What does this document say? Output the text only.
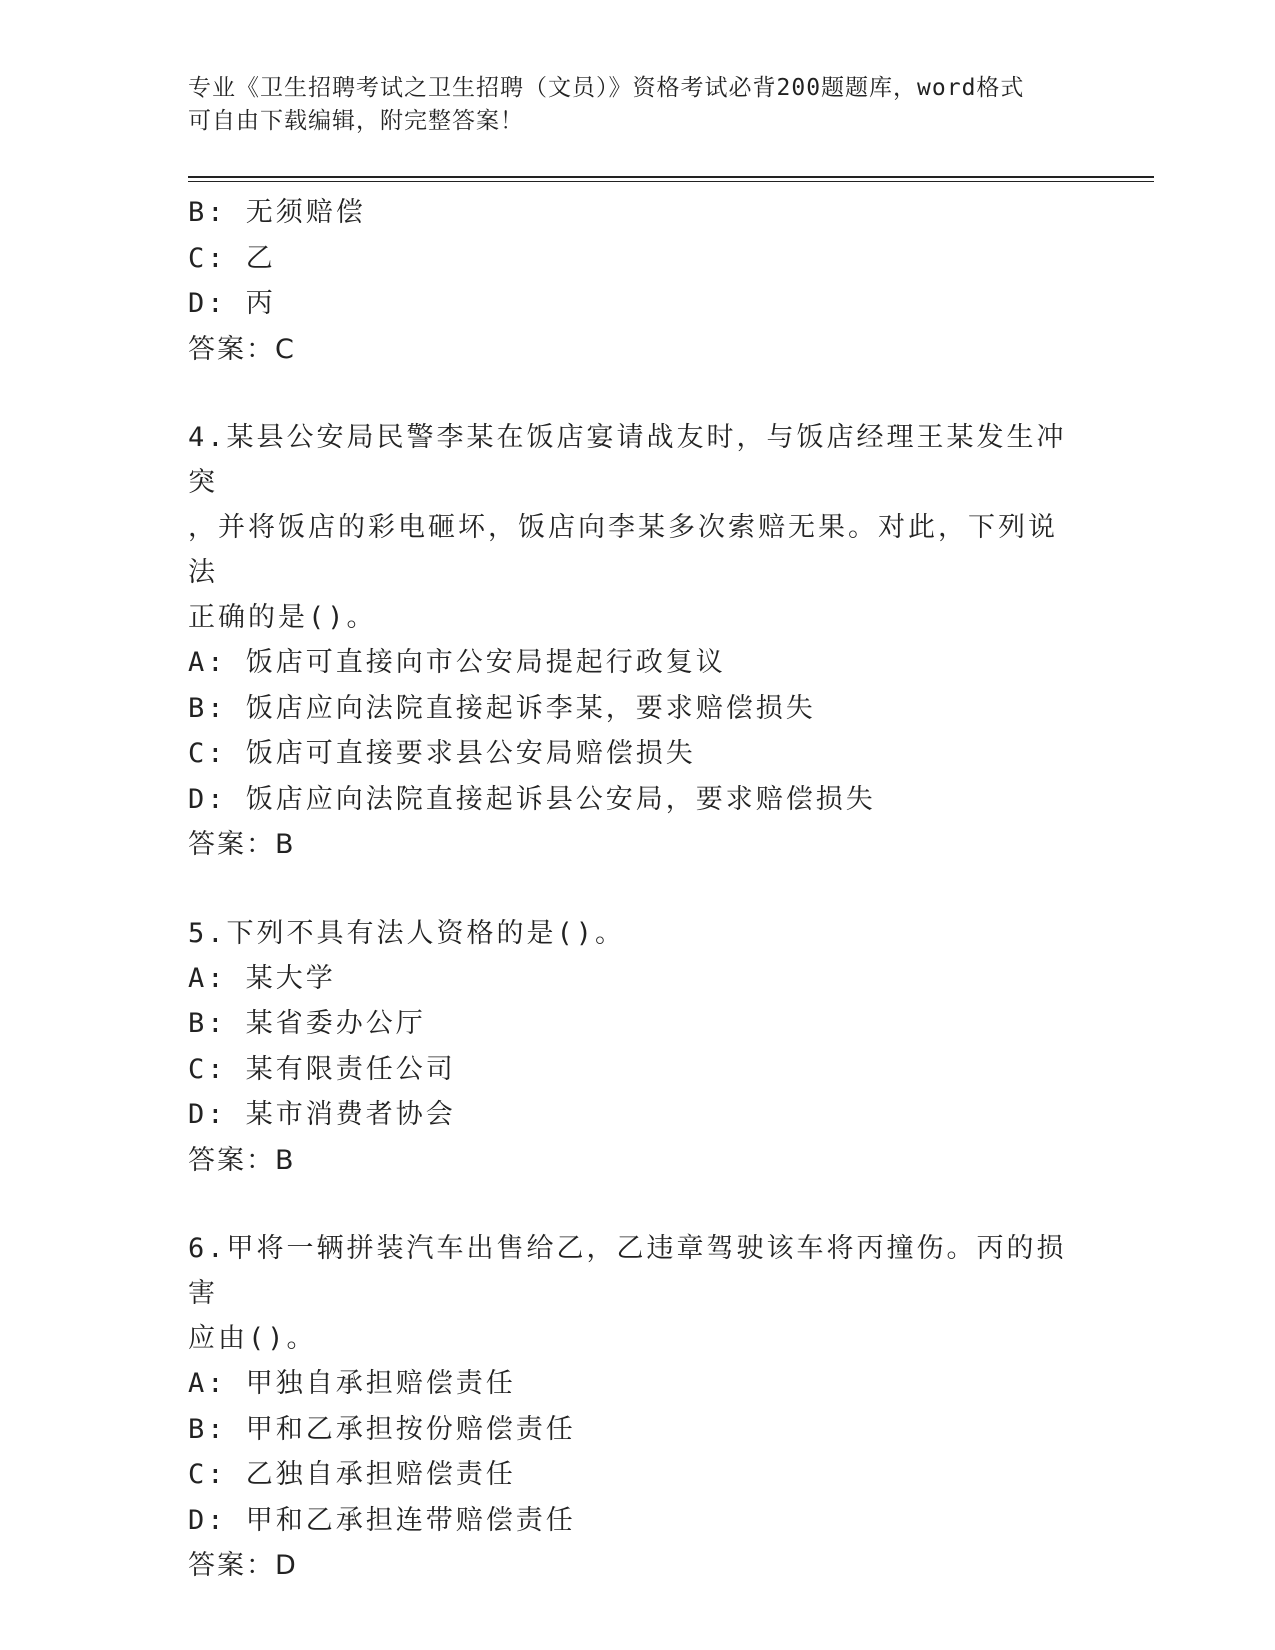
专业《卫生招聘考试之卫生招聘（文员）》资格考试必背200题题库，word格式
可自由下载编辑，附完整答案！
B: 无须赔偿
C: 乙
D: 丙
答案：C
4.某县公安局民警李某在饭店宴请战友时，与饭店经理王某发生冲突
，并将饭店的彩电砸坏，饭店向李某多次索赔无果。对此，下列说法
正确的是()。
A: 饭店可直接向市公安局提起行政复议
B: 饭店应向法院直接起诉李某，要求赔偿损失
C: 饭店可直接要求县公安局赔偿损失
D: 饭店应向法院直接起诉县公安局，要求赔偿损失
答案：B
5.下列不具有法人资格的是()。
A: 某大学
B: 某省委办公厅
C: 某有限责任公司
D: 某市消费者协会
答案：B
6.甲将一辆拼装汽车出售给乙，乙违章驾驶该车将丙撞伤。丙的损害
应由()。
A: 甲独自承担赔偿责任
B: 甲和乙承担按份赔偿责任
C: 乙独自承担赔偿责任
D: 甲和乙承担连带赔偿责任
答案：D
